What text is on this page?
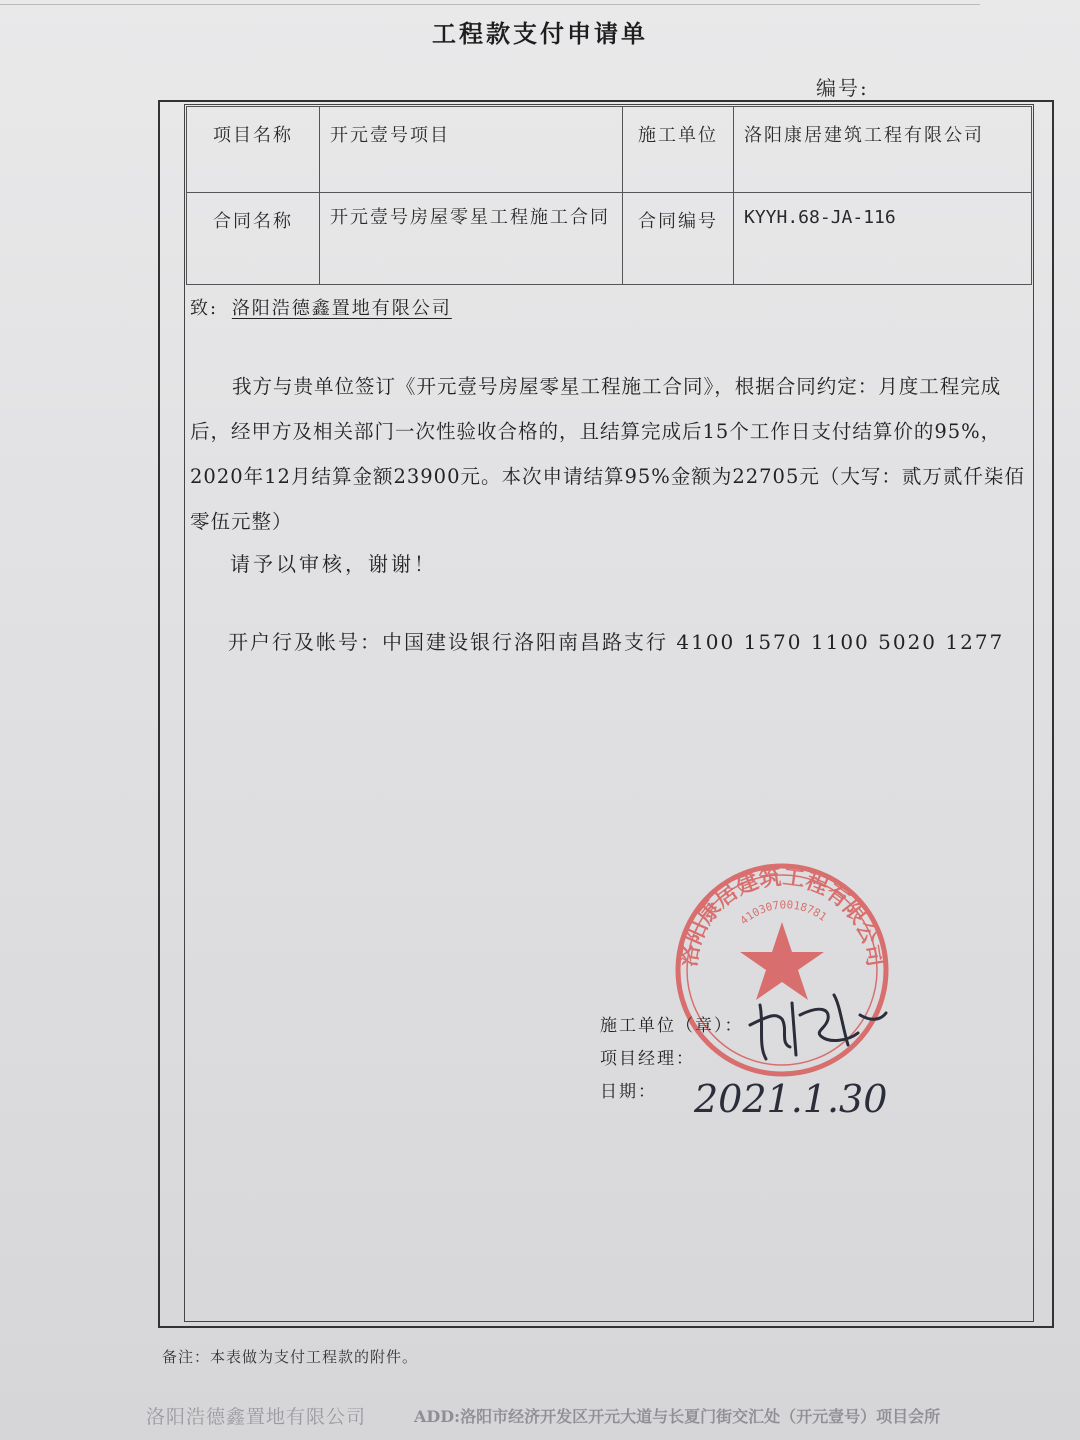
工程款支付申请单
编号:
项目名称	开元壹号项目	施工单位	洛阳康居建筑工程有限公司
合同名称	开元壹号房屋零星工程施工合同	合同编号	KYYH.68-JA-116
致: 洛阳浩德鑫置地有限公司

我方与贵单位签订《开元壹号房屋零星工程施工合同》，根据合同约定：月度工程完成后，经甲方及相关部门一次性验收合格的，且结算完成后15个工作日支付结算价的95%，2020年12月结算金额23900元。本次申请结算95%金额为22705元（大写：贰万贰仟柒佰零伍元整）

请予以审核，谢谢！
开户行及帐号：中国建设银行洛阳南昌路支行 4100 1570 1100 5020 1277
洛阳康居建筑工程有限公司
4103070018781
施工单位（章）：
项目经理：
日期： 2021.1.30
备注：本表做为支付工程款的附件。
洛阳浩德鑫置地有限公司	ADD:洛阳市经济开发区开元大道与长夏门街交汇处（开元壹号）项目会所
